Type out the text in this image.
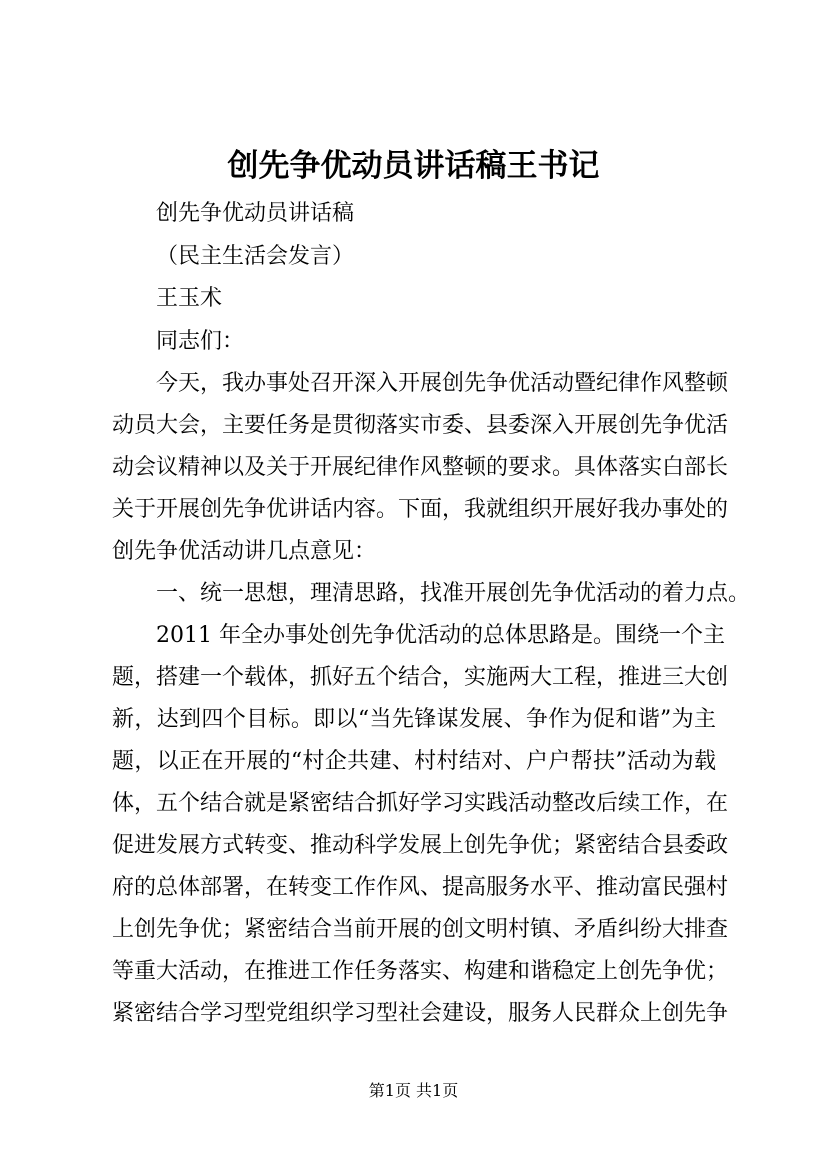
创先争优动员讲话稿王书记
创先争优动员讲话稿
（民主生活会发言）
王玉术
同志们：
今天，我办事处召开深入开展创先争优活动暨纪律作风整顿
动员大会，主要任务是贯彻落实市委、县委深入开展创先争优活
动会议精神以及关于开展纪律作风整顿的要求。具体落实白部长
关于开展创先争优讲话内容。下面，我就组织开展好我办事处的
创先争优活动讲几点意见：
一、统一思想，理清思路，找准开展创先争优活动的着力点。
2011 年全办事处创先争优活动的总体思路是。围绕一个主
题，搭建一个载体，抓好五个结合，实施两大工程，推进三大创
新，达到四个目标。即以“当先锋谋发展、争作为促和谐”为主
题，以正在开展的“村企共建、村村结对、户户帮扶”活动为载
体，五个结合就是紧密结合抓好学习实践活动整改后续工作，在
促进发展方式转变、推动科学发展上创先争优；紧密结合县委政
府的总体部署，在转变工作作风、提高服务水平、推动富民强村
上创先争优；紧密结合当前开展的创文明村镇、矛盾纠纷大排查
等重大活动，在推进工作任务落实、构建和谐稳定上创先争优；
紧密结合学习型党组织学习型社会建设，服务人民群众上创先争
第1页 共1页
